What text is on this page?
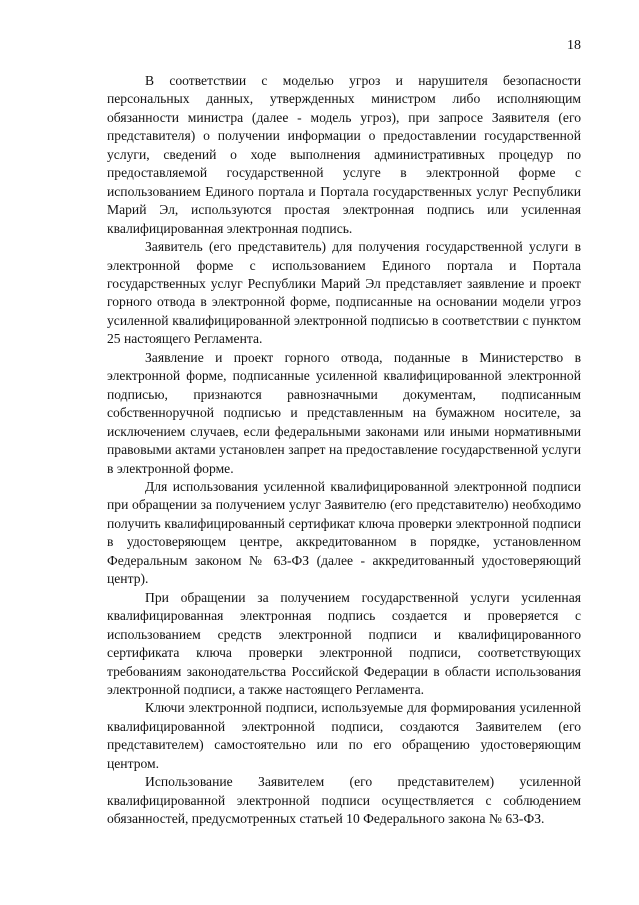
18

В соответствии с моделью угроз и нарушителя безопасности персональных данных, утвержденных министром либо исполняющим обязанности министра (далее - модель угроз), при запросе Заявителя (его представителя) о получении информации о предоставлении государственной услуги, сведений о ходе выполнения административных процедур по предоставляемой государственной услуге в электронной форме с использованием Единого портала и Портала государственных услуг Республики Марий Эл, используются простая электронная подпись или усиленная квалифицированная электронная подпись.

Заявитель (его представитель) для получения государственной услуги в электронной форме с использованием Единого портала и Портала государственных услуг Республики Марий Эл представляет заявление и проект горного отвода в электронной форме, подписанные на основании модели угроз усиленной квалифицированной электронной подписью в соответствии с пунктом 25 настоящего Регламента.

Заявление и проект горного отвода, поданные в Министерство в электронной форме, подписанные усиленной квалифицированной электронной подписью, признаются равнозначными документам, подписанным собственноручной подписью и представленным на бумажном носителе, за исключением случаев, если федеральными законами или иными нормативными правовыми актами установлен запрет на предоставление государственной услуги в электронной форме.

Для использования усиленной квалифицированной электронной подписи при обращении за получением услуг Заявителю (его представителю) необходимо получить квалифицированный сертификат ключа проверки электронной подписи в удостоверяющем центре, аккредитованном в порядке, установленном Федеральным законом № 63-ФЗ (далее - аккредитованный удостоверяющий центр).

При обращении за получением государственной услуги усиленная квалифицированная электронная подпись создается и проверяется с использованием средств электронной подписи и квалифицированного сертификата ключа проверки электронной подписи, соответствующих требованиям законодательства Российской Федерации в области использования электронной подписи, а также настоящего Регламента.

Ключи электронной подписи, используемые для формирования усиленной квалифицированной электронной подписи, создаются Заявителем (его представителем) самостоятельно или по его обращению удостоверяющим центром.

Использование Заявителем (его представителем) усиленной квалифицированной электронной подписи осуществляется с соблюдением обязанностей, предусмотренных статьей 10 Федерального закона № 63-ФЗ.
